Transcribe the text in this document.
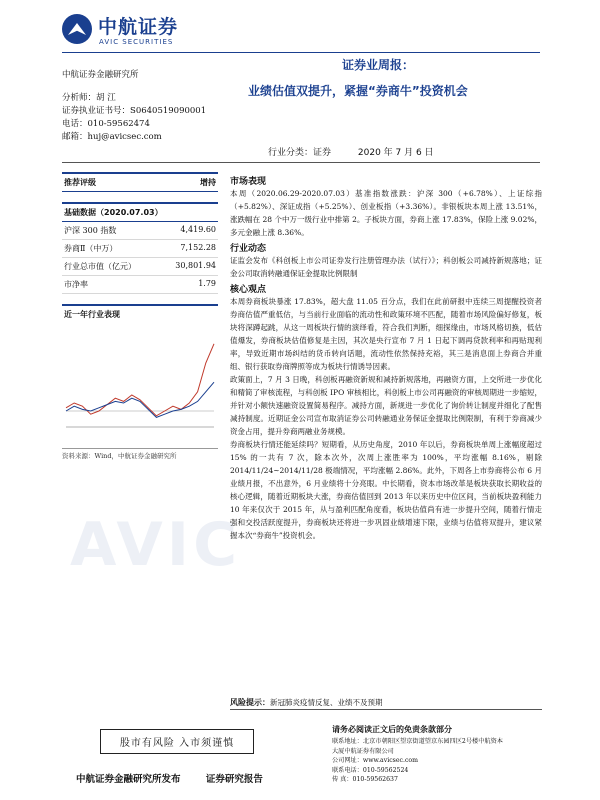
中航证券
AVIC SECURITIES
证券业周报：
业绩估值双提升，紧握“券商牛”投资机会
中航证券金融研究所
分析师：胡 江
证券执业证书号：S0640519090001
电话：010-59562474
邮箱：huj@avicsec.com
行业分类：证券	2020 年 7 月 6 日
AVIC
推荐评级	增持
基础数据（2020.07.03）
沪深 300 指数	4,419.60
券商Ⅱ（中万）	7,152.28
行业总市值（亿元）	30,801.94
市净率	1.79
近一年行业表现
资料来源：Wind，中航证券金融研究所
市场表现
本周（2020.06.29-2020.07.03）基准指数涨跌：沪深 300（+6.78%）、上证综指（+5.82%）、深证成指（+5.25%）、创业板指（+3.36%）。非银板块本周上涨 13.51%，涨跌幅在 28 个中万一级行业中排第 2。子板块方面，券商上涨 17.83%，保险上涨 9.02%，多元金融上涨 8.36%。
行业动态
证监会发布《科创板上市公司证券发行注册管理办法（试行）》；科创板公司减持新规落地；证金公司取消转融通保证金提取比例限制
核心观点
本周券商板块暴涨 17.83%，超大盘 11.05 百分点，我们在此前研报中连续三周提醒投资者券商估值严重低估，与当前行业面临的流动性和政策环境不匹配，随着市场风险偏好修复，板块将深蹲起跳，从这一周板块行情的演绎看，符合我们判断，细探缘由，市场风格切换，低估值爆发，券商板块估值修复是主因，其次是央行宣布 7 月 1 日起下调再贷款利率和再贴现利率，导致近期市场纠结的货币转向话题，流动性依然保持充裕，其三是消息面上券商合并重组、银行获取券商牌照等成为板块行情诱导因素。
政策面上，7 月 3 日晚，科创板再融资新规和减持新规落地，再融资方面，上交所进一步优化和精简了审核流程，与科创板 IPO 审核相比，科创板上市公司再融资的审核周期进一步缩短，并针对小额快速融资设置简易程序。减持方面，新规进一步优化了询价转让制度并细化了配售减持制度。近期证金公司宣布取消证券公司转融通业务保证金提取比例限制，有利于券商减少资金占用，提升券商两融业务规模。
券商板块行情还能延续吗？短期看，从历史角度，2010 年以后，券商板块单周上涨幅度超过 15% 的一共有 7 次，除本次外，次周上涨胜率为 100%，平均涨幅 8.16%，剔除 2014/11/24~2014/11/28 极端情况，平均涨幅 2.86%。此外，下周各上市券商将公布 6 月业绩月报，不出意外，6 月业绩将十分亮眼。中长期看，资本市场改革是板块获取长期收益的核心逻辑，随着近期板块大涨，券商估值回到 2013 年以来历史中位区间，当前板块盈利能力 10 年来仅次于 2015 年，从与盈利匹配角度看，板块估值尚有进一步提升空间，随着行情走强和交投活跃度提升，券商板块还将进一步巩固业绩增速下限，业绩与估值将双提升，建议紧握本次“券商牛”投资机会。
风险提示：新冠肺炎疫情反复、业绩不及预期
股市有风险 入市须谨慎
请务必阅读正文后的免责条款部分
联系地址：北京市朝阳区望京街道望京东园四区2号楼中航资本
大厦中航证券有限公司
公司网址：www.avicsec.com
联系电话：010-59562524
传 真：010-59562637
中航证券金融研究所发布	证券研究报告
